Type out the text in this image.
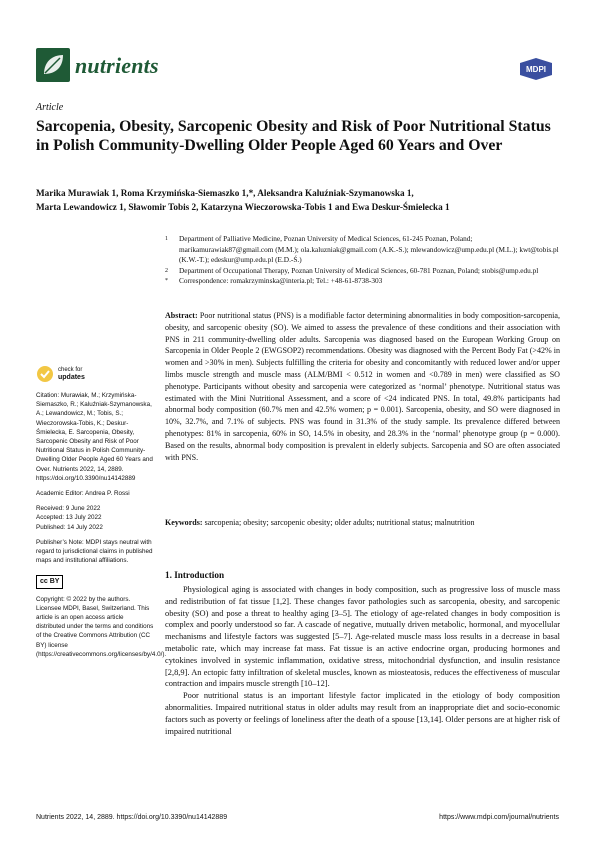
nutrients	MDPI
Article
Sarcopenia, Obesity, Sarcopenic Obesity and Risk of Poor Nutritional Status in Polish Community-Dwelling Older People Aged 60 Years and Over
Marika Murawiak 1, Roma Krzymińska-Siemaszko 1,*, Aleksandra Kaluźniak-Szymanowska 1,
Marta Lewandowicz 1, Sławomir Tobis 2, Katarzyna Wieczorowska-Tobis 1 and Ewa Deskur-Śmielecka 1
1	Department of Palliative Medicine, Poznan University of Medical Sciences, 61-245 Poznan, Poland; marikamurawiak87@gmail.com (M.M.); ola.kaluzniak@gmail.com (A.K.-S.); mlewandowicz@ump.edu.pl (M.L.); kwt@tobis.pl (K.W.-T.); edeskur@ump.edu.pl (E.D.-Ś.)
2	Department of Occupational Therapy, Poznan University of Medical Sciences, 60-781 Poznan, Poland; stobis@ump.edu.pl
*	Correspondence: romakrzyminska@interia.pl; Tel.: +48-61-8738-303
Abstract: Poor nutritional status (PNS) is a modifiable factor determining abnormalities in body composition-sarcopenia, obesity, and sarcopenic obesity (SO). We aimed to assess the prevalence of these conditions and their association with PNS in 211 community-dwelling older adults. Sarcopenia was diagnosed based on the European Working Group on Sarcopenia in Older People 2 (EWGSOP2) recommendations. Obesity was diagnosed with the Percent Body Fat (>42% in women and >30% in men). Subjects fulfilling the criteria for obesity and concomitantly with reduced lower and/or upper limbs muscle strength and muscle mass (ALM/BMI < 0.512 in women and <0.789 in men) were classified as SO phenotype. Participants without obesity and sarcopenia were categorized as ‘normal’ phenotype. Nutritional status was estimated with the Mini Nutritional Assessment, and a score of <24 indicated PNS. In total, 49.8% participants had abnormal body composition (60.7% men and 42.5% women; p = 0.001). Sarcopenia, obesity, and SO were diagnosed in 10%, 32.7%, and 7.1% of subjects. PNS was found in 31.3% of the study sample. Its prevalence differed between phenotypes: 81% in sarcopenia, 60% in SO, 14.5% in obesity, and 28.3% in the ‘normal’ phenotype group (p = 0.000). Based on the results, abnormal body composition is prevalent in elderly subjects. Sarcopenia and SO are often associated with PNS.
Keywords: sarcopenia; obesity; sarcopenic obesity; older adults; nutritional status; malnutrition
check for
updates

Citation: Murawiak, M.; Krzymińska-Siemaszko, R.; Kaluźniak-Szymanowska, A.; Lewandowicz, M.; Tobis, S.; Wieczorowska-Tobis, K.; Deskur-Śmielecka, E. Sarcopenia, Obesity, Sarcopenic Obesity and Risk of Poor Nutritional Status in Polish Community-Dwelling Older People Aged 60 Years and Over. Nutrients 2022, 14, 2889. https://doi.org/10.3390/nu14142889

Academic Editor: Andrea P. Rossi

Received: 9 June 2022
Accepted: 13 July 2022

Published: 14 July 2022

Publisher’s Note: MDPI stays neutral with regard to jurisdictional claims in published maps and institutional affiliations.

cc BY

Copyright: © 2022 by the authors. Licensee MDPI, Basel, Switzerland. This article is an open access article distributed under the terms and conditions of the Creative Commons Attribution (CC BY) license (https://creativecommons.org/licenses/by/4.0/).

1. Introduction

Physiological aging is associated with changes in body composition, such as progressive loss of muscle mass and redistribution of fat tissue [1,2]. These changes favor pathologies such as sarcopenia, obesity, and sarcopenic obesity (SO) and pose a threat to healthy aging [3–5]. The etiology of age-related changes in body composition is complex and poorly understood so far. A cascade of negative, mutually driven metabolic, hormonal, and myocellular mechanisms and lifestyle factors was suggested [5–7]. Age-related muscle mass loss results in a decrease in basal metabolic rate, which may increase fat mass. Fat tissue is an active endocrine organ, producing hormones and cytokines involved in systemic inflammation, oxidative stress, mitochondrial dysfunction, and insulin resistance [2,8,9]. An ectopic fatty infiltration of skeletal muscles, known as miosteatosis, reduces the effectiveness of muscular contraction and impairs muscle strength [10–12].

Poor nutritional status is an important lifestyle factor implicated in the etiology of body composition abnormalities. Impaired nutritional status in older adults may result from an inappropriate diet and socio-economic factors such as poverty or feelings of loneliness after the death of a spouse [13,14]. Older persons are at higher risk of impaired nutritional

Nutrients 2022, 14, 2889. https://doi.org/10.3390/nu14142889	https://www.mdpi.com/journal/nutrients
